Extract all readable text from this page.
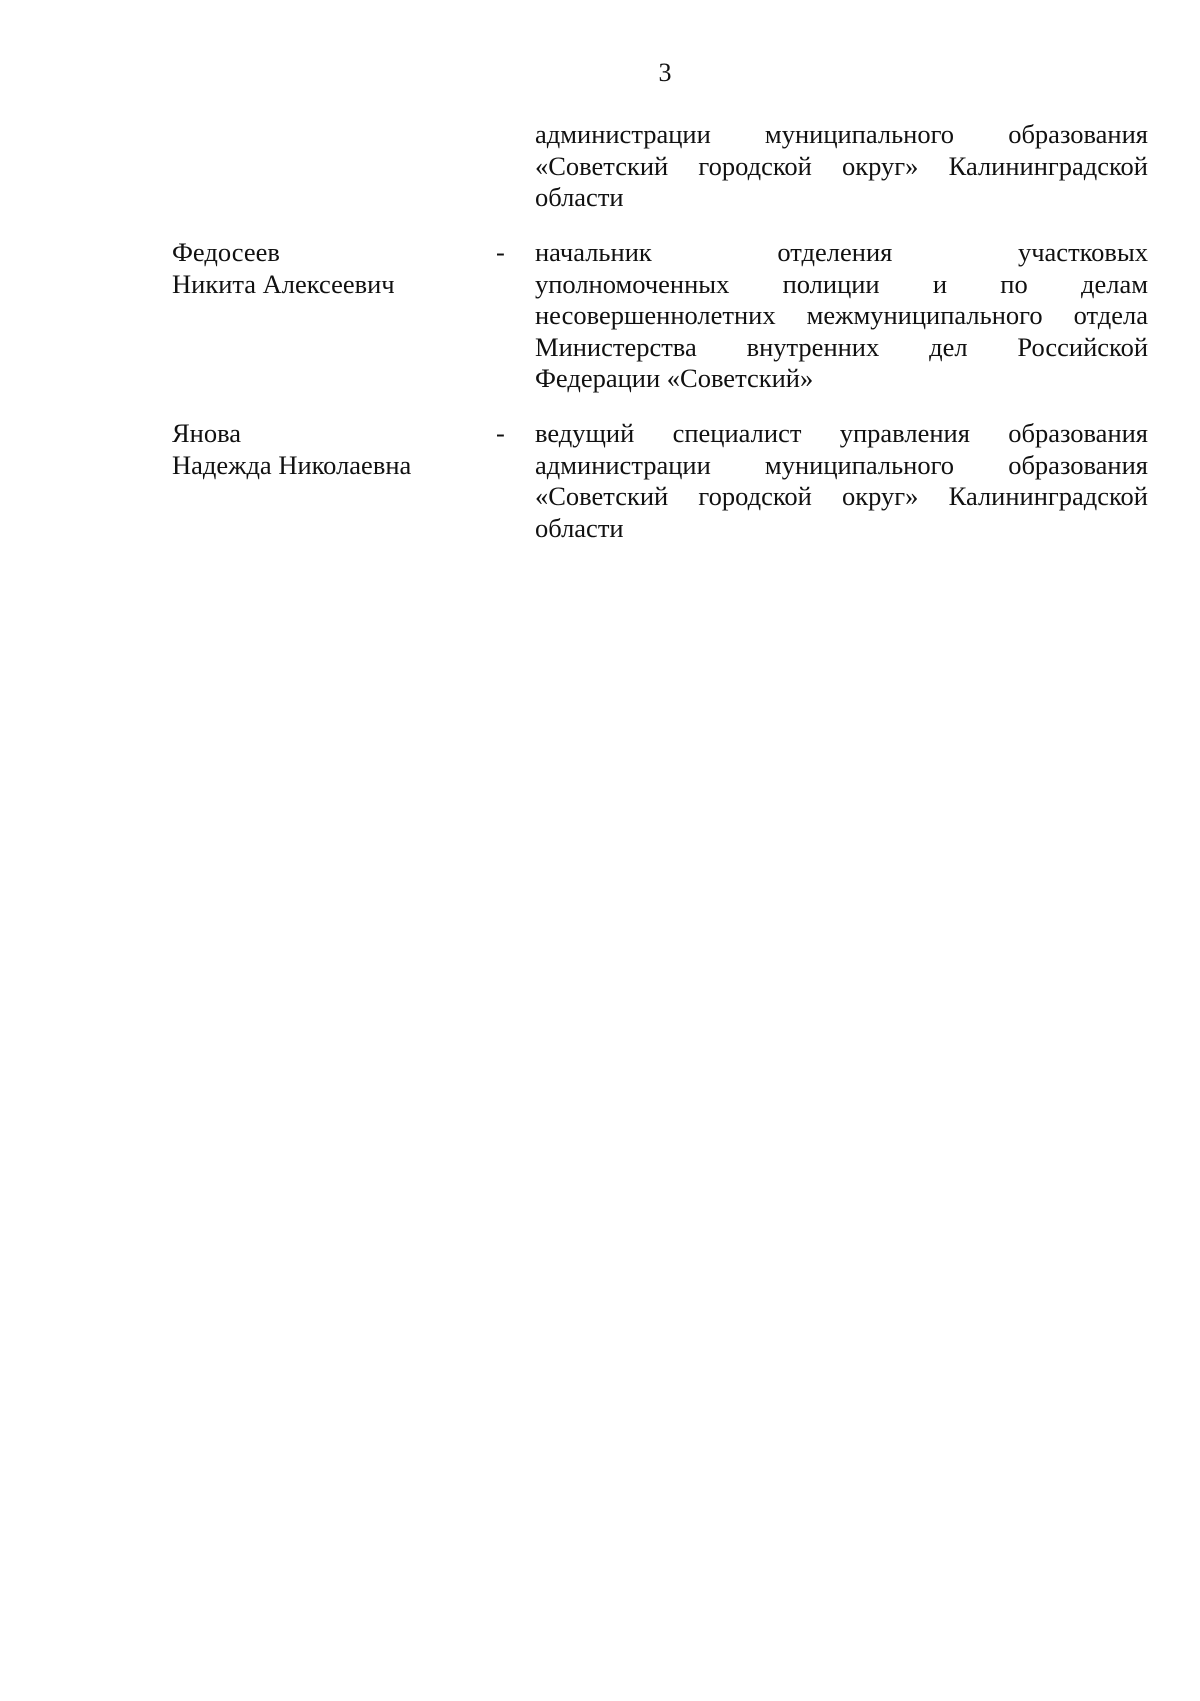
3
администрации муниципального образования
«Советский городской округ» Калининградской
области
Федосеев
Никита Алексеевич
- начальник отделения участковых
уполномоченных полиции и по делам
несовершеннолетних межмуниципального отдела
Министерства внутренних дел Российской
Федерации «Советский»
Янова
Надежда Николаевна
- ведущий специалист управления образования
администрации муниципального образования
«Советский городской округ» Калининградской
области
